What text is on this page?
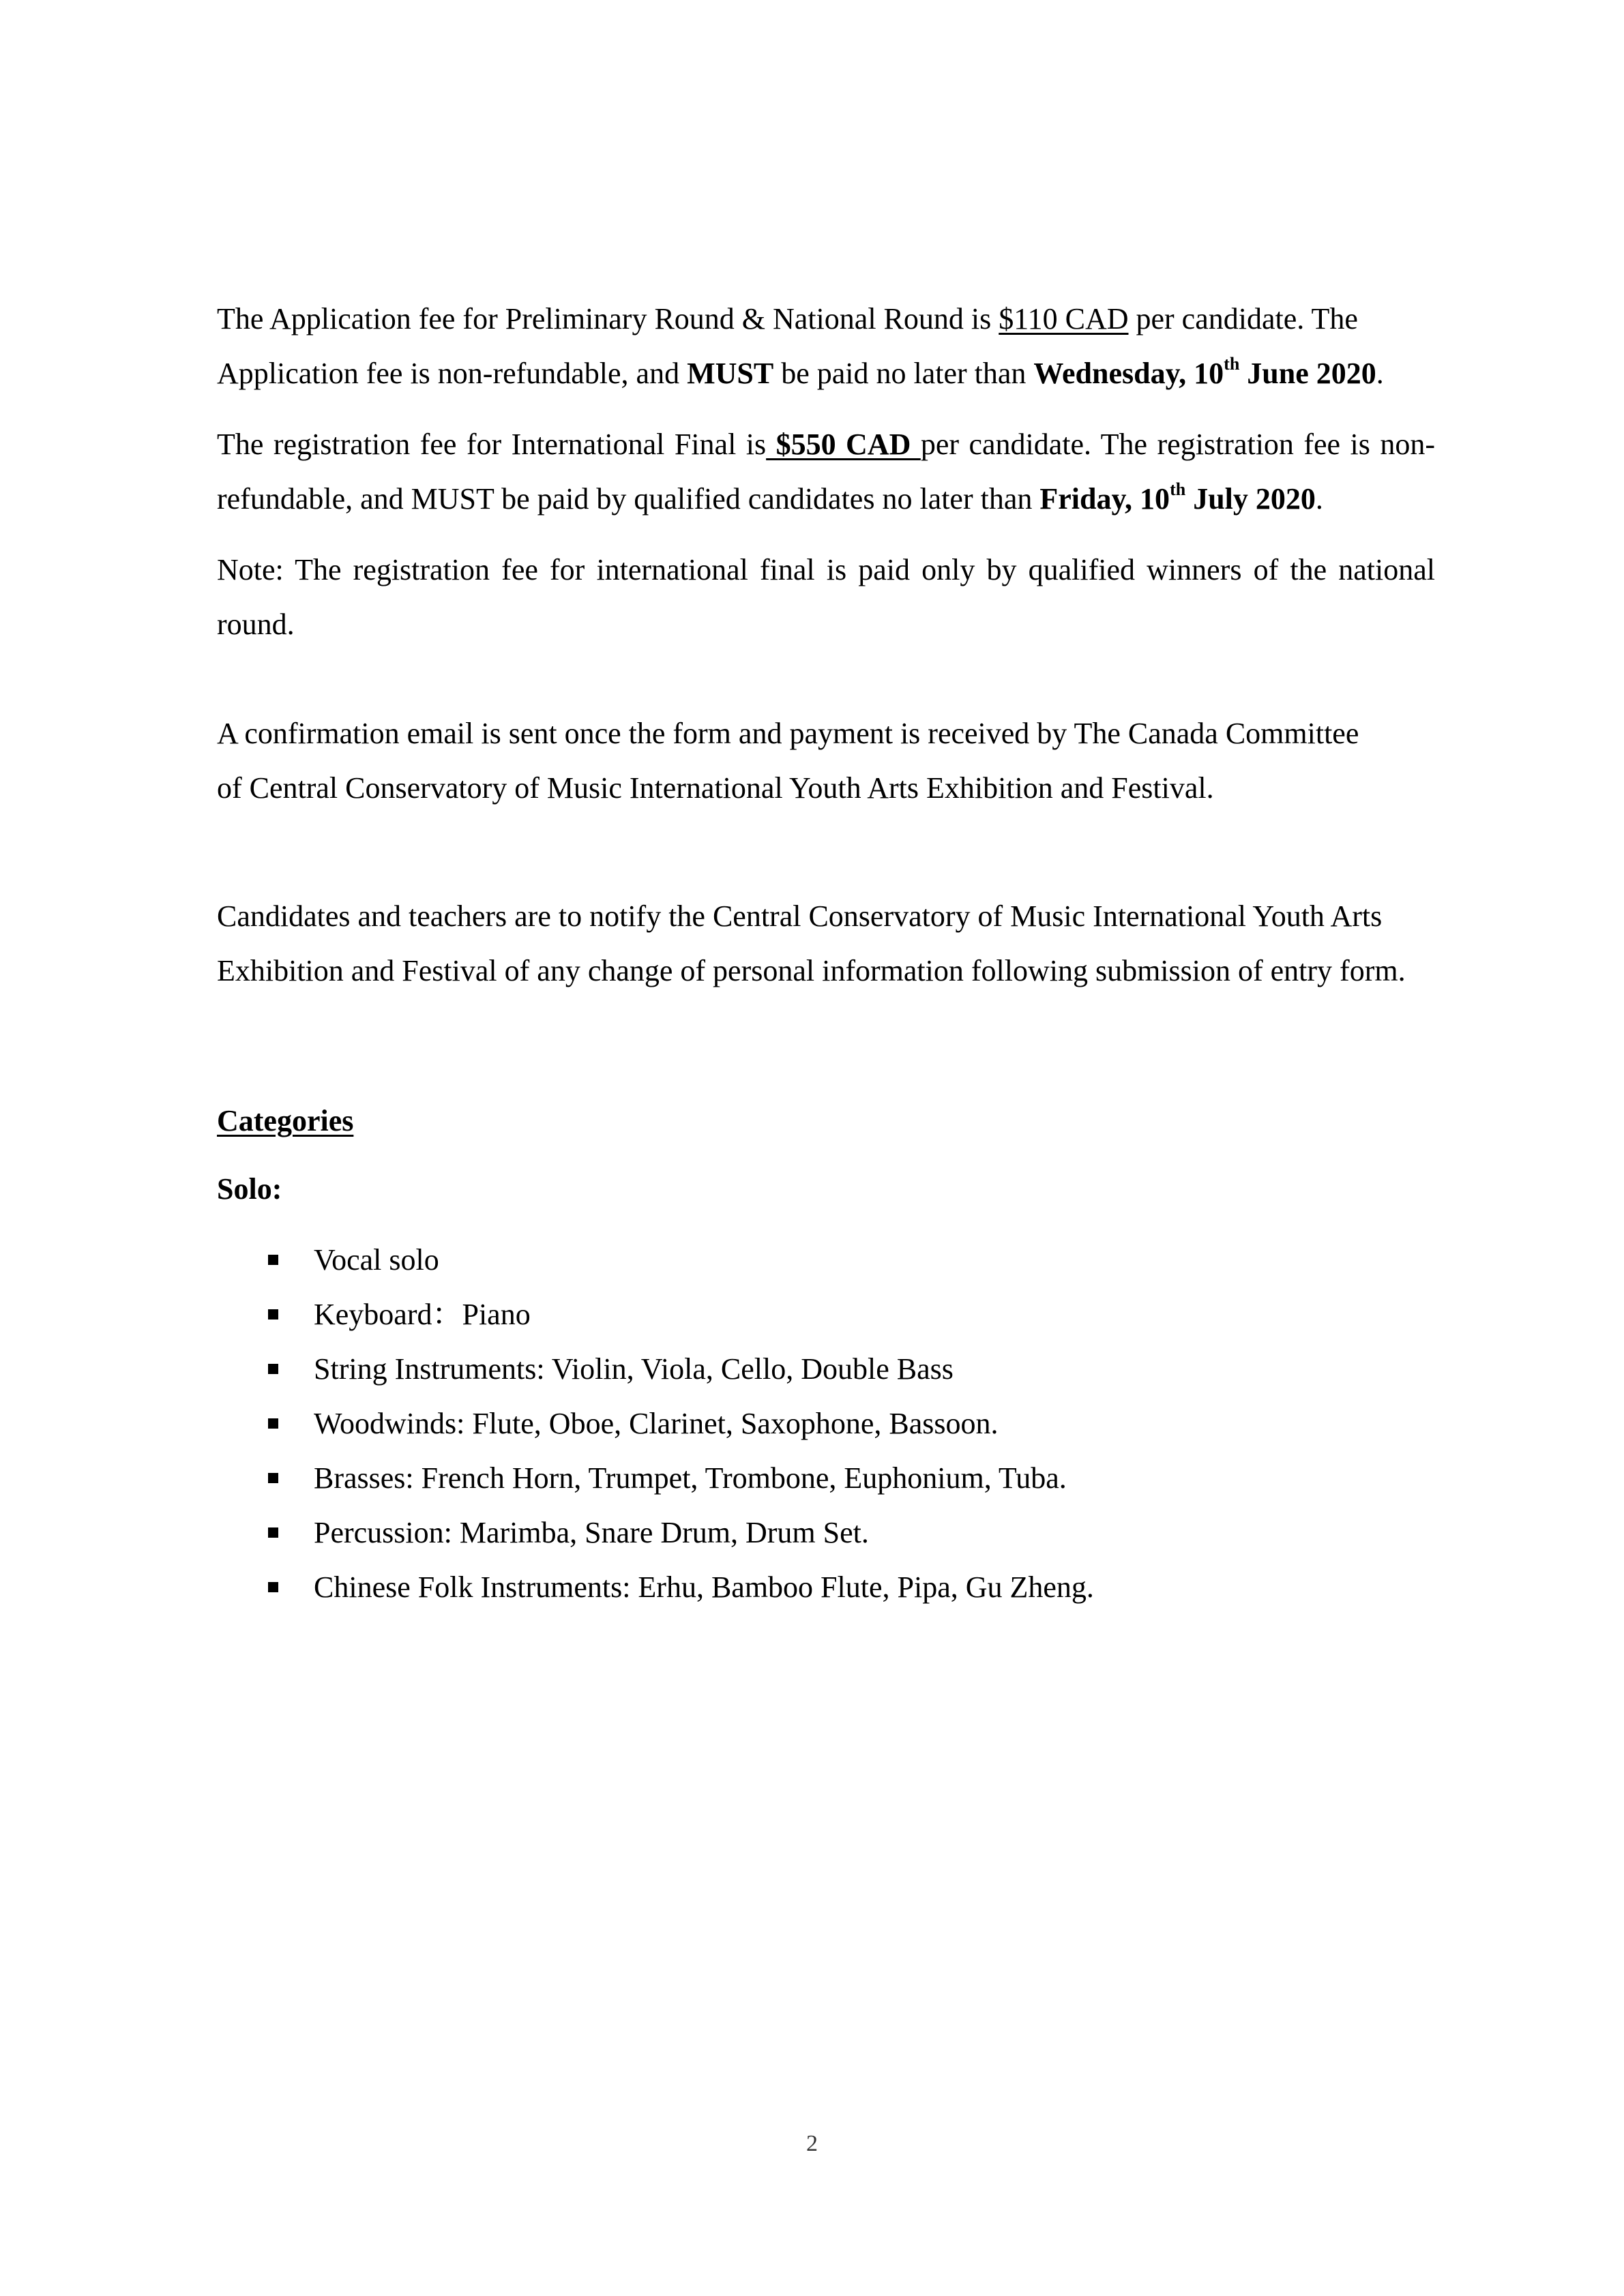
The Application fee for Preliminary Round & National Round is $110 CAD per candidate. The Application fee is non-refundable, and MUST be paid no later than Wednesday, 10th June 2020.

The registration fee for International Final is $550 CAD per candidate. The registration fee is non-refundable, and MUST be paid by qualified candidates no later than Friday, 10th July 2020.

Note: The registration fee for international final is paid only by qualified winners of the national round.

A confirmation email is sent once the form and payment is received by The Canada Committee of Central Conservatory of Music International Youth Arts Exhibition and Festival.

Candidates and teachers are to notify the Central Conservatory of Music International Youth Arts Exhibition and Festival of any change of personal information following submission of entry form.

Categories

Solo:

Vocal solo
Keyboard：Piano
String Instruments: Violin, Viola, Cello, Double Bass
Woodwinds: Flute, Oboe, Clarinet, Saxophone, Bassoon.
Brasses: French Horn, Trumpet, Trombone, Euphonium, Tuba.
Percussion: Marimba, Snare Drum, Drum Set.
Chinese Folk Instruments: Erhu, Bamboo Flute, Pipa, Gu Zheng.
2
